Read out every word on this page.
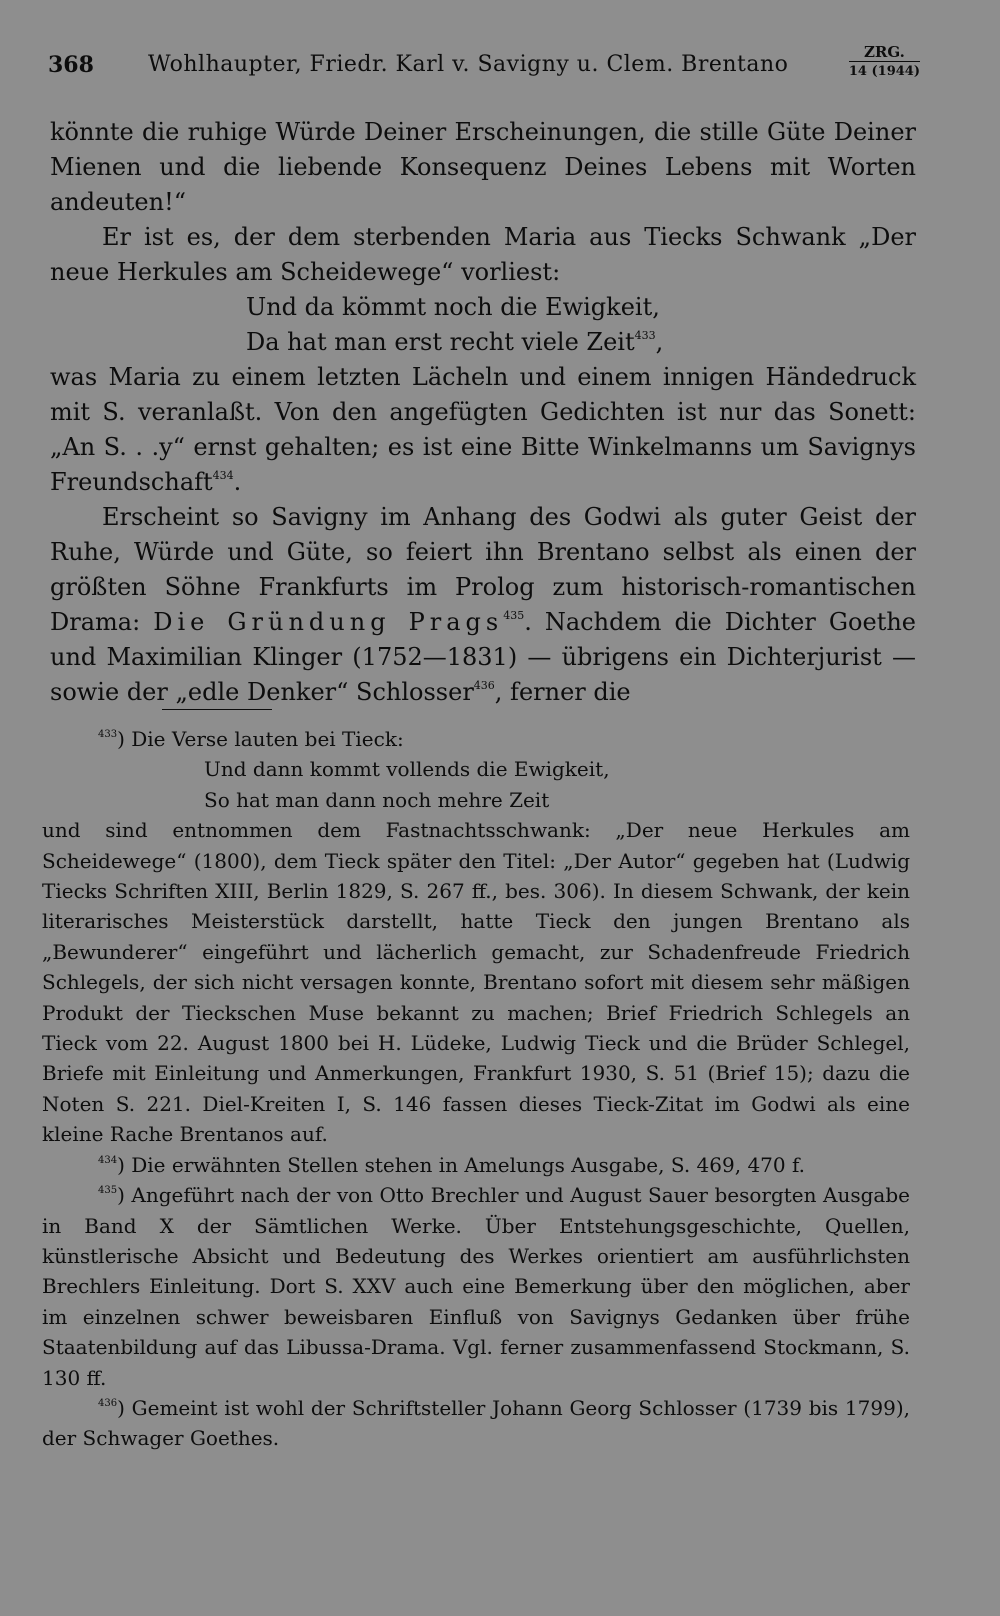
368 Wohlhaupter, Friedr. Karl v. Savigny u. Clem. Brentano	ZRG.
14 (1944)

könnte die ruhige Würde Deiner Erscheinungen, die stille Güte Deiner Mienen und die liebende Konsequenz Deines Lebens mit Worten andeuten!“

Er ist es, der dem sterbenden Maria aus Tiecks Schwank „Der neue Herkules am Scheidewege“ vorliest:

Und da kömmt noch die Ewigkeit,

Da hat man erst recht viele Zeit$^{433}$,

was Maria zu einem letzten Lächeln und einem innigen Händedruck mit S. veranlaßt. Von den angefügten Gedichten ist nur das Sonett: „An S. . .y“ ernst gehalten; es ist eine Bitte Winkelmanns um Savignys Freundschaft$^{434}$.

Erscheint so Savigny im Anhang des Godwi als guter Geist der Ruhe, Würde und Güte, so feiert ihn Brentano selbst als einen der größten Söhne Frankfurts im Prolog zum historisch-romantischen Drama: Die Gründung Prags$^{435}$. Nachdem die Dichter Goethe und Maximilian Klinger (1752—1831) — übrigens ein Dichterjurist — sowie der „edle Denker“ Schlosser$^{436}$, ferner die

$^{433}$) Die Verse lauten bei Tieck:

Und dann kommt vollends die Ewigkeit,

So hat man dann noch mehre Zeit

und sind entnommen dem Fastnachtsschwank: „Der neue Herkules am Scheidewege“ (1800), dem Tieck später den Titel: „Der Autor“ gegeben hat (Ludwig Tiecks Schriften XIII, Berlin 1829, S. 267 ff., bes. 306). In diesem Schwank, der kein literarisches Meisterstück darstellt, hatte Tieck den jungen Brentano als „Bewunderer“ eingeführt und lächerlich gemacht, zur Schadenfreude Friedrich Schlegels, der sich nicht versagen konnte, Brentano sofort mit diesem sehr mäßigen Produkt der Tieckschen Muse bekannt zu machen; Brief Friedrich Schlegels an Tieck vom 22. August 1800 bei H. Lüdeke, Ludwig Tieck und die Brüder Schlegel, Briefe mit Einleitung und Anmerkungen, Frankfurt 1930, S. 51 (Brief 15); dazu die Noten S. 221. Diel-Kreiten I, S. 146 fassen dieses Tieck-Zitat im Godwi als eine kleine Rache Brentanos auf.

$^{434}$) Die erwähnten Stellen stehen in Amelungs Ausgabe, S. 469, 470 f.

$^{435}$) Angeführt nach der von Otto Brechler und August Sauer besorgten Ausgabe in Band X der Sämtlichen Werke. Über Entstehungsgeschichte, Quellen, künstlerische Absicht und Bedeutung des Werkes orientiert am ausführlichsten Brechlers Einleitung. Dort S. XXV auch eine Bemerkung über den möglichen, aber im einzelnen schwer beweisbaren Einfluß von Savignys Gedanken über frühe Staatenbildung auf das Libussa-Drama. Vgl. ferner zusammenfassend Stockmann, S. 130 ff.

$^{436}$) Gemeint ist wohl der Schriftsteller Johann Georg Schlosser (1739 bis 1799), der Schwager Goethes.
